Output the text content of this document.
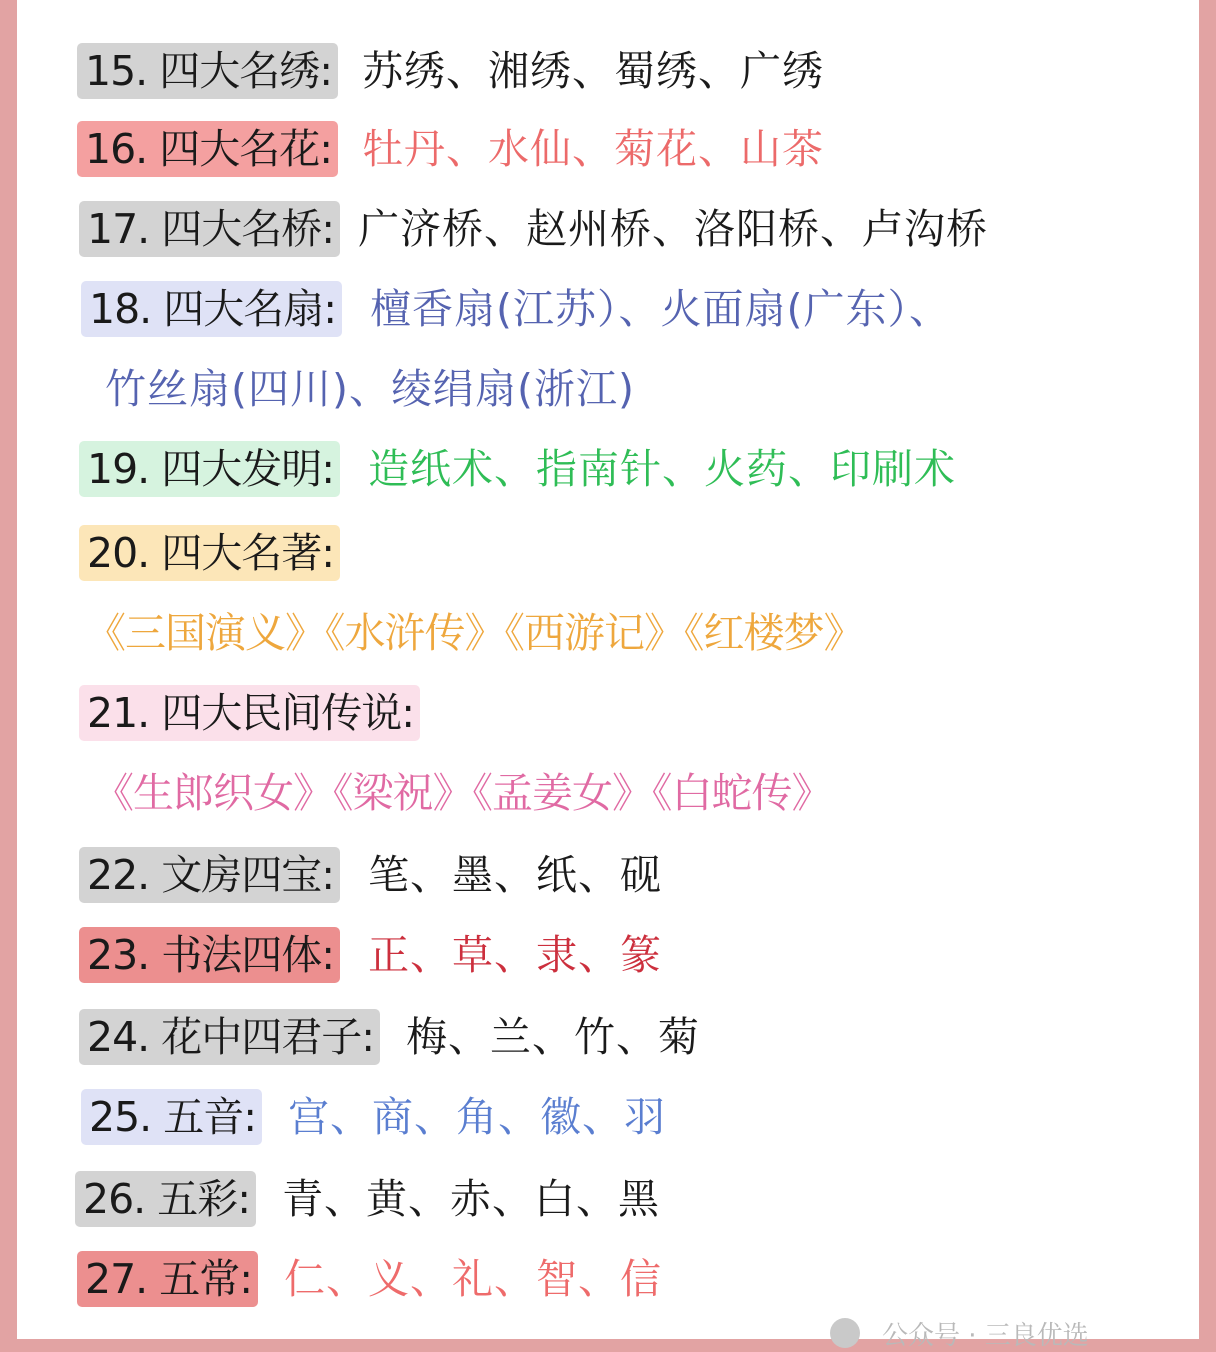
15. 四大名绣: 苏绣、湘绣、蜀绣、广绣
16. 四大名花: 牡丹、水仙、菊花、山茶
17. 四大名桥: 广济桥、赵州桥、洛阳桥、卢沟桥
18. 四大名扇: 檀香扇(江苏）、火面扇(广东）、
竹丝扇(四川)、绫绢扇(浙江)
19. 四大发明: 造纸术、指南针、火药、印刷术
20. 四大名著:
《三国演义》《水浒传》《西游记》《红楼梦》
21. 四大民间传说:
《生郎织女》《梁祝》《孟姜女》《白蛇传》
22. 文房四宝: 笔、墨、纸、砚
23. 书法四体: 正、草、隶、篆
24. 花中四君子: 梅、兰、竹、菊
25. 五音: 宫、商、角、徽、羽
26. 五彩: 青、黄、赤、白、黑
27. 五常: 仁、义、礼、智、信
公众号 · 三良优选
